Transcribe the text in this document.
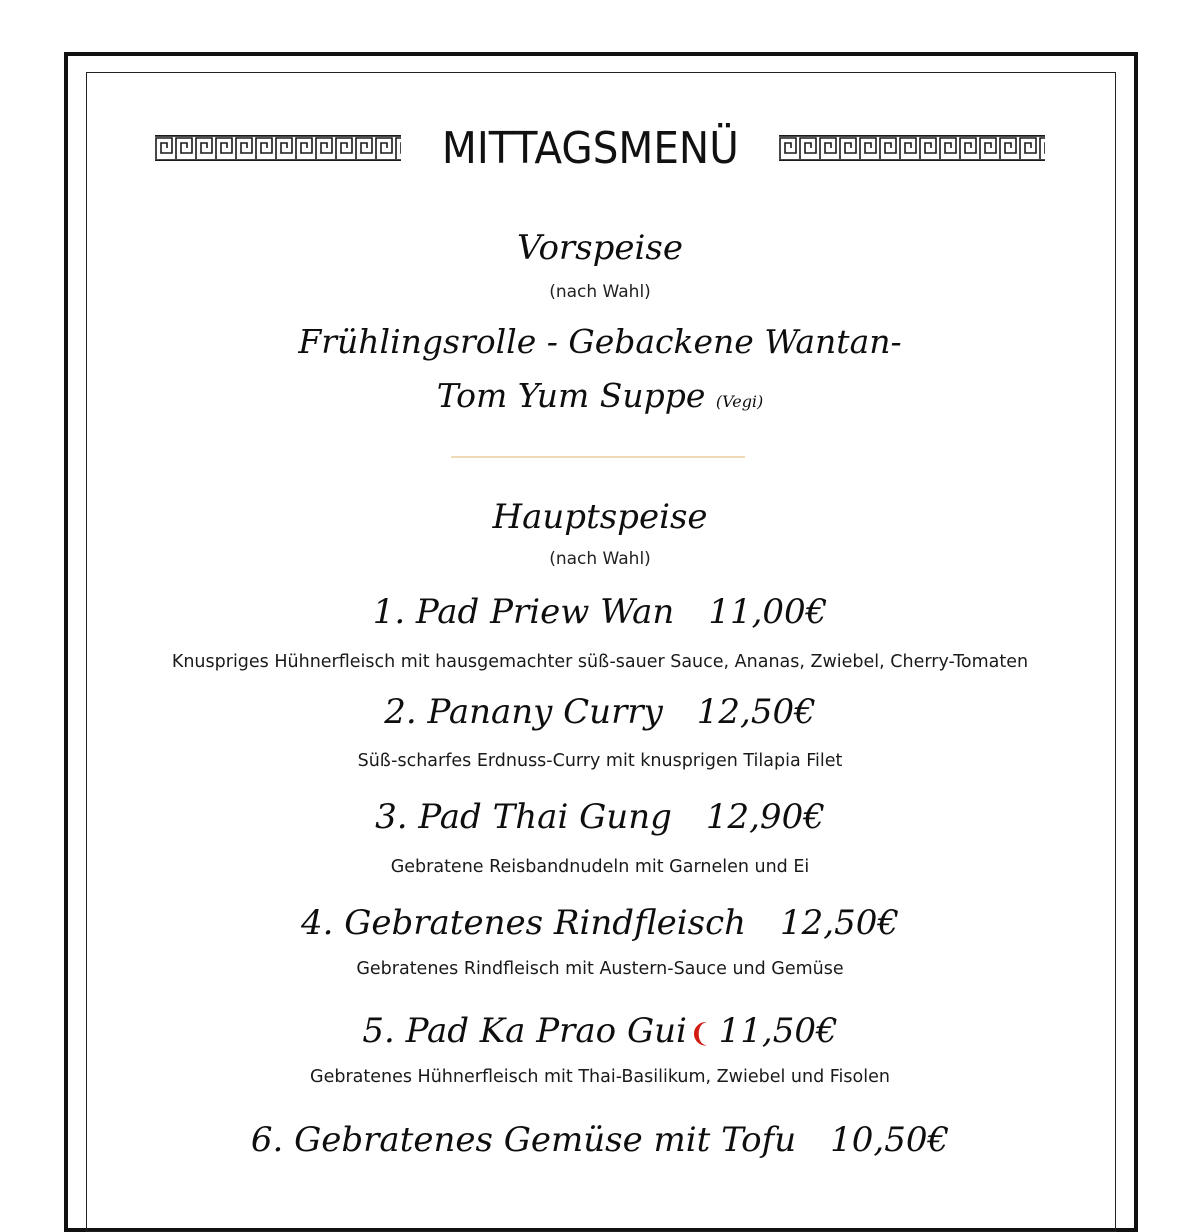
MITTAGSMENÜ
Vorspeise
(nach Wahl)
Frühlingsrolle - Gebackene Wantan-
Tom Yum Suppe (Vegi)
Hauptspeise
(nach Wahl)
1. Pad Priew Wan 11,00€
Knuspriges Hühnerfleisch mit hausgemachter süß-sauer Sauce, Ananas, Zwiebel, Cherry-Tomaten
2. Panany Curry 12,50€
Süß-scharfes Erdnuss-Curry mit knusprigen Tilapia Filet
3. Pad Thai Gung 12,90€
Gebratene Reisbandnudeln mit Garnelen und Ei
4. Gebratenes Rindfleisch 12,50€
Gebratenes Rindfleisch mit Austern-Sauce und Gemüse
5. Pad Ka Prao Gui❨ 11,50€
Gebratenes Hühnerfleisch mit Thai-Basilikum, Zwiebel und Fisolen
6. Gebratenes Gemüse mit Tofu 10,50€
